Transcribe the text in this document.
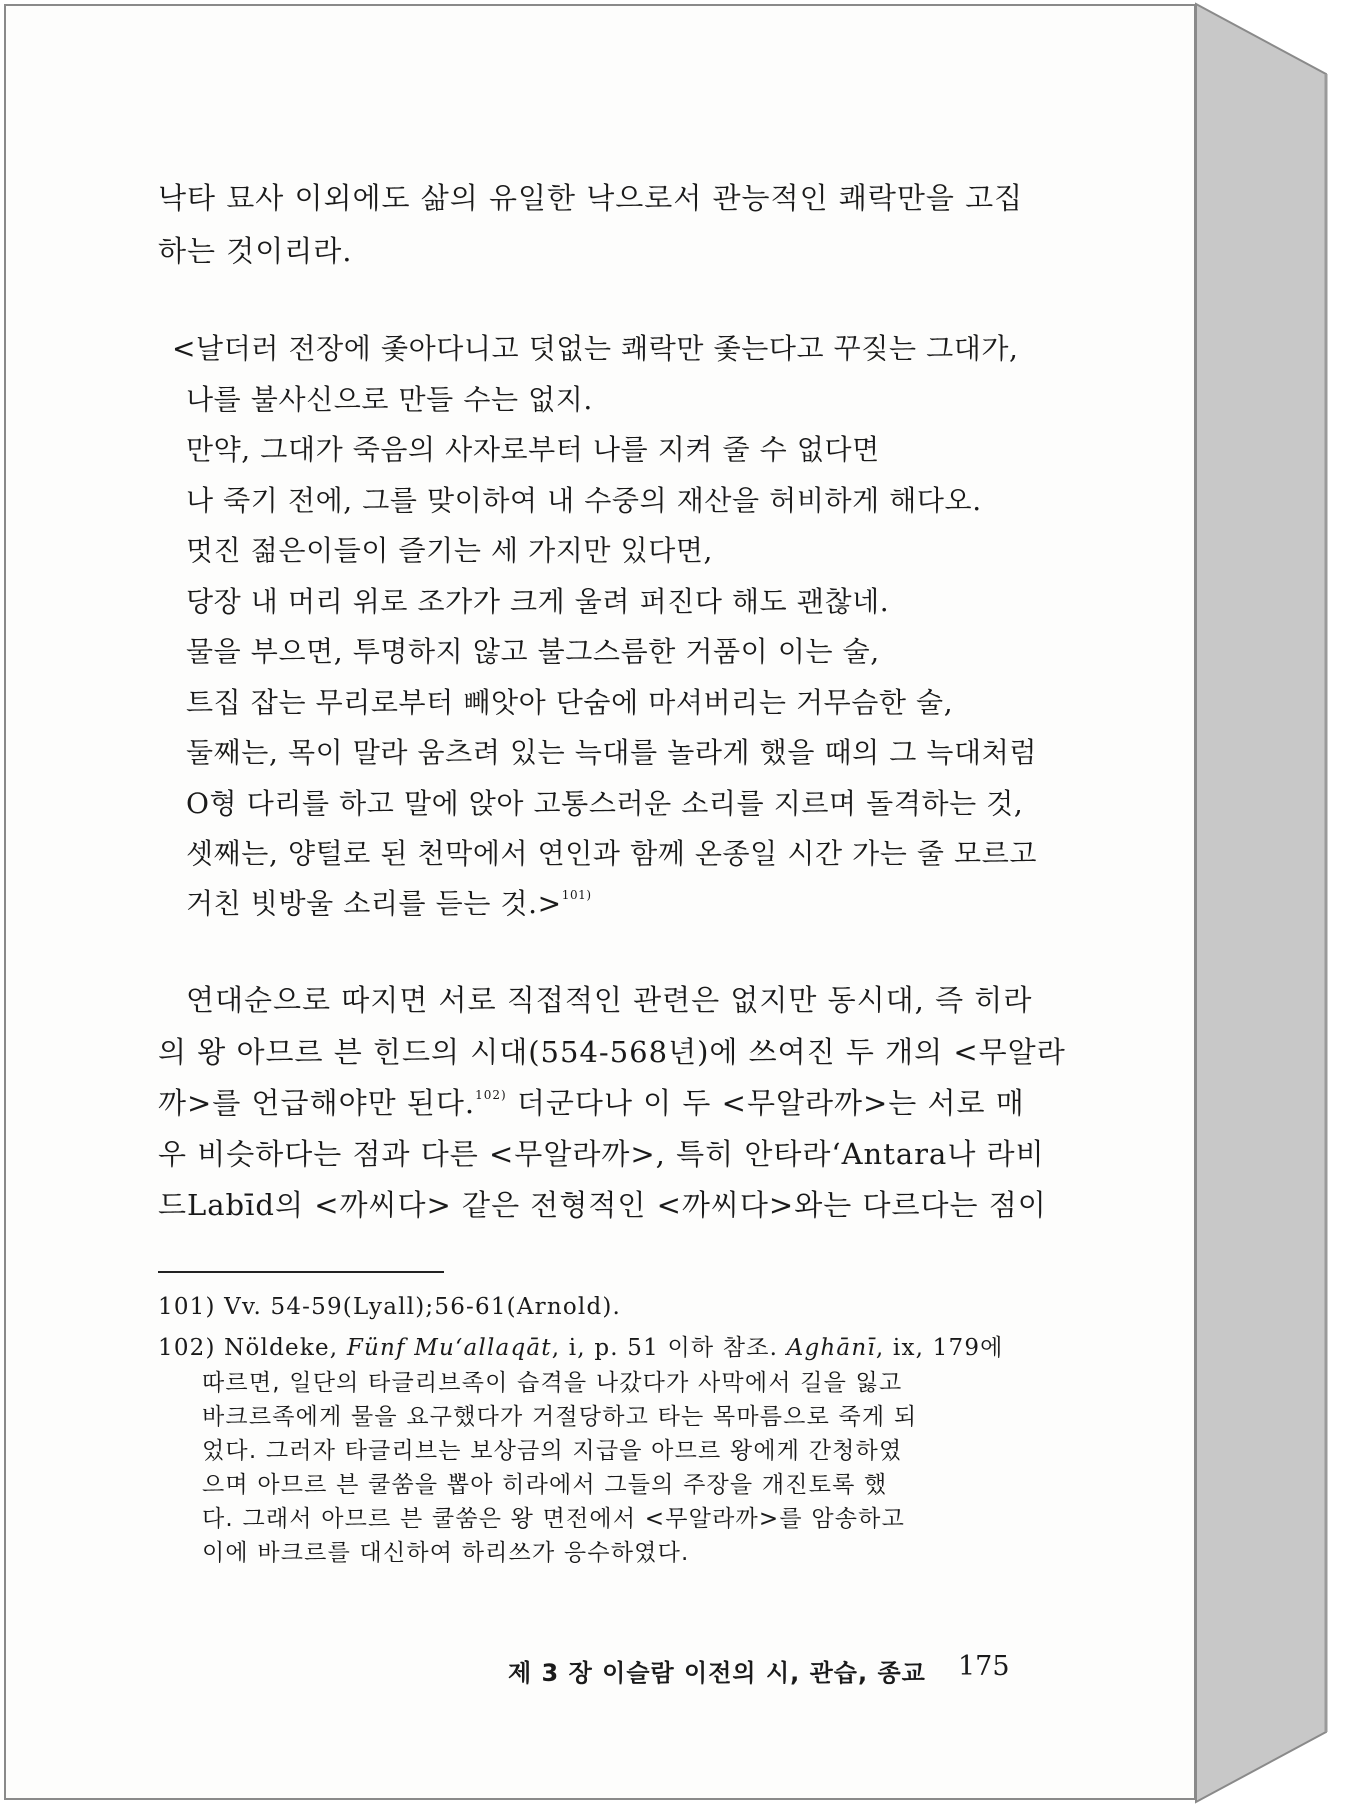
낙타 묘사 이외에도 삶의 유일한 낙으로서 관능적인 쾌락만을 고집
하는 것이리라.
<날더러 전장에 좇아다니고 덧없는 쾌락만 좇는다고 꾸짖는 그대가,
나를 불사신으로 만들 수는 없지.
만약, 그대가 죽음의 사자로부터 나를 지켜 줄 수 없다면
나 죽기 전에, 그를 맞이하여 내 수중의 재산을 허비하게 해다오.
멋진 젊은이들이 즐기는 세 가지만 있다면,
당장 내 머리 위로 조가가 크게 울려 퍼진다 해도 괜찮네.
물을 부으면, 투명하지 않고 불그스름한 거품이 이는 술,
트집 잡는 무리로부터 빼앗아 단숨에 마셔버리는 거무슴한 술,
둘째는, 목이 말라 움츠려 있는 늑대를 놀라게 했을 때의 그 늑대처럼
O형 다리를 하고 말에 앉아 고통스러운 소리를 지르며 돌격하는 것,
셋째는, 양털로 된 천막에서 연인과 함께 온종일 시간 가는 줄 모르고
거친 빗방울 소리를 듣는 것.>$^{101)}$
연대순으로 따지면 서로 직접적인 관련은 없지만 동시대, 즉 히라
의 왕 아므르 븐 힌드의 시대(554-568년)에 쓰여진 두 개의 <무알라
까>를 언급해야만 된다.$^{102)}$ 더군다나 이 두 <무알라까>는 서로 매
우 비슷하다는 점과 다른 <무알라까>, 특히 안타라‘Antara나 라비
드Labīd의 <까씨다> 같은 전형적인 <까씨다>와는 다르다는 점이
101) Vv. 54-59(Lyall);56-61(Arnold).
102) Nöldeke, Fünf Mu‘allaqāt, i, p. 51 이하 참조. Aghānī, ix, 179에
따르면, 일단의 타글리브족이 습격을 나갔다가 사막에서 길을 잃고
바크르족에게 물을 요구했다가 거절당하고 타는 목마름으로 죽게 되
었다. 그러자 타글리브는 보상금의 지급을 아므르 왕에게 간청하였
으며 아므르 븐 쿨쑴을 뽑아 히라에서 그들의 주장을 개진토록 했
다. 그래서 아므르 븐 쿨쑴은 왕 면전에서 <무알라까>를 암송하고
이에 바크르를 대신하여 하리쓰가 응수하였다.
제 3 장 이슬람 이전의 시, 관습, 종교 175
